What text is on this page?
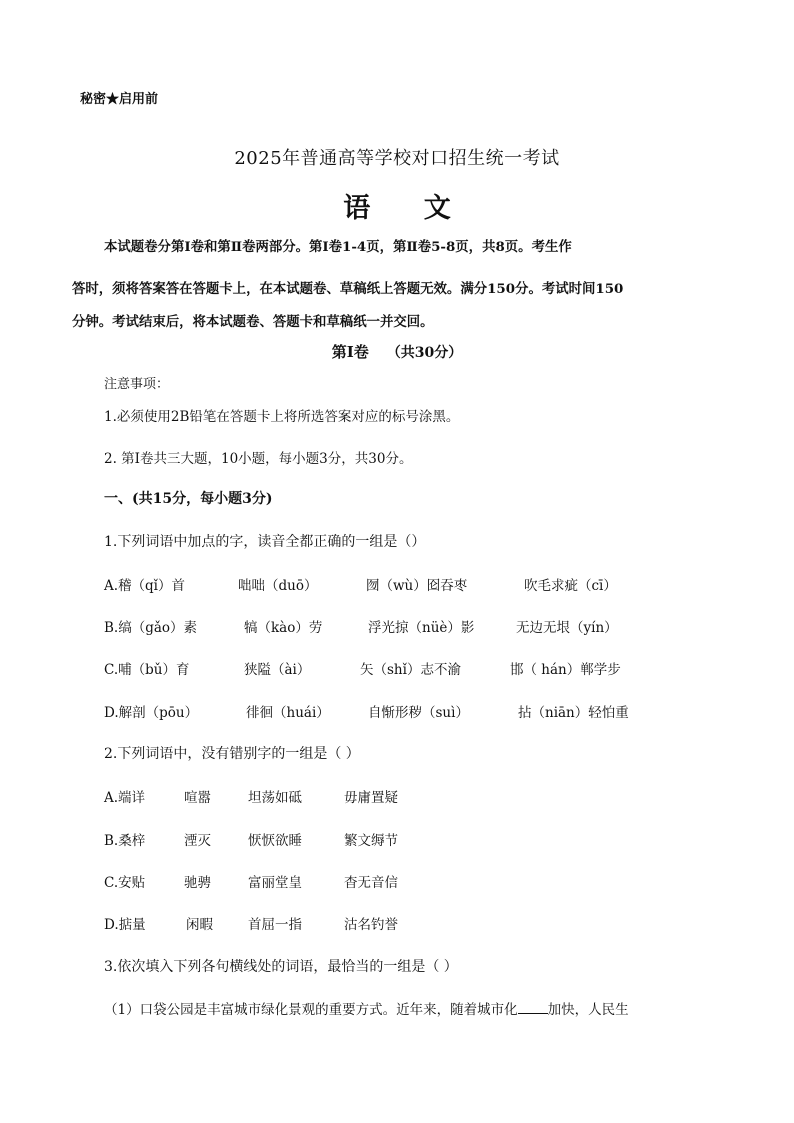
秘密★启用前
2025年普通高等学校对口招生统一考试
语 文
本试题卷分第Ⅰ卷和第Ⅱ卷两部分。第Ⅰ卷1-4页，第Ⅱ卷5-8页，共8页。考生作
答时，须将答案答在答题卡上，在本试题卷、草稿纸上答题无效。满分150分。考试时间150
分钟。考试结束后，将本试题卷、答题卡和草稿纸一并交回。
第Ⅰ卷 （共30分）
注意事项：
1.必须使用2B铅笔在答题卡上将所选答案对应的标号涂黑。
2. 第Ⅰ卷共三大题，10小题，每小题3分，共30分。
一、(共15分，每小题3分)
1.下列词语中加点的字，读音全都正确的一组是（）
A.稽（qǐ）首	咄咄（duō）	囫（wù）囵吞枣	吹毛求疵（cī）
B.缟（gǎo）素	犒（kào）劳	浮光掠（nüè）影	无边无垠（yín）
C.哺（bǔ）育	狭隘（ài）	矢（shǐ）志不渝	邯（ hán）郸学步
D.解剖（pōu）	徘徊（huái）	自惭形秽（suì）	拈（niān）轻怕重
2.下列词语中，没有错别字的一组是（ ）
A.端详	喧嚣	坦荡如砥	毋庸置疑
B.桑梓	湮灭	恹恹欲睡	繁文缛节
C.安贴	驰骋	富丽堂皇	杳无音信
D.掂量	闲暇	首屈一指	沽名钓誉
3.依次填入下列各句横线处的词语，最恰当的一组是（ ）
（1）口袋公园是丰富城市绿化景观的重要方式。近年来，随着城市化 加快，人民生
